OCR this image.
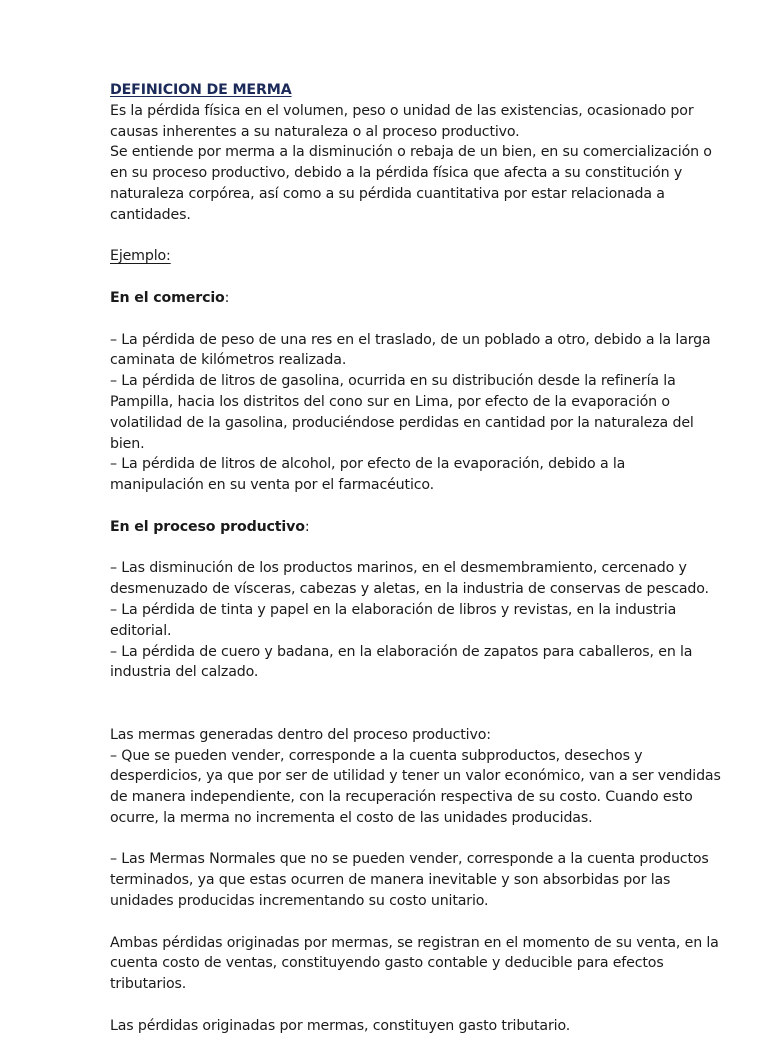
DEFINICION DE MERMA

Es la pérdida física en el volumen, peso o unidad de las existencias, ocasionado por causas inherentes a su naturaleza o al proceso productivo.

Se entiende por merma a la disminución o rebaja de un bien, en su comercialización o en su proceso productivo, debido a la pérdida física que afecta a su constitución y naturaleza corpórea, así como a su pérdida cuantitativa por estar relacionada a cantidades.

Ejemplo:

En el comercio:

– La pérdida de peso de una res en el traslado, de un poblado a otro, debido a la larga caminata de kilómetros realizada.

– La pérdida de litros de gasolina, ocurrida en su distribución desde la refinería la Pampilla, hacia los distritos del cono sur en Lima, por efecto de la evaporación o volatilidad de la gasolina, produciéndose perdidas en cantidad por la naturaleza del bien.

– La pérdida de litros de alcohol, por efecto de la evaporación, debido a la manipulación en su venta por el farmacéutico.

En el proceso productivo:

– Las disminución de los productos marinos, en el desmembramiento, cercenado y desmenuzado de vísceras, cabezas y aletas, en la industria de conservas de pescado.

– La pérdida de tinta y papel en la elaboración de libros y revistas, en la industria editorial.

– La pérdida de cuero y badana, en la elaboración de zapatos para caballeros, en la industria del calzado.

Las mermas generadas dentro del proceso productivo:

– Que se pueden vender, corresponde a la cuenta subproductos, desechos y desperdicios, ya que por ser de utilidad y tener un valor económico, van a ser vendidas de manera independiente, con la recuperación respectiva de su costo. Cuando esto ocurre, la merma no incrementa el costo de las unidades producidas.

– Las Mermas Normales que no se pueden vender, corresponde a la cuenta productos terminados, ya que estas ocurren de manera inevitable y son absorbidas por las unidades producidas incrementando su costo unitario.

Ambas pérdidas originadas por mermas, se registran en el momento de su venta, en la cuenta costo de ventas, constituyendo gasto contable y deducible para efectos tributarios.

Las pérdidas originadas por mermas, constituyen gasto tributario.
